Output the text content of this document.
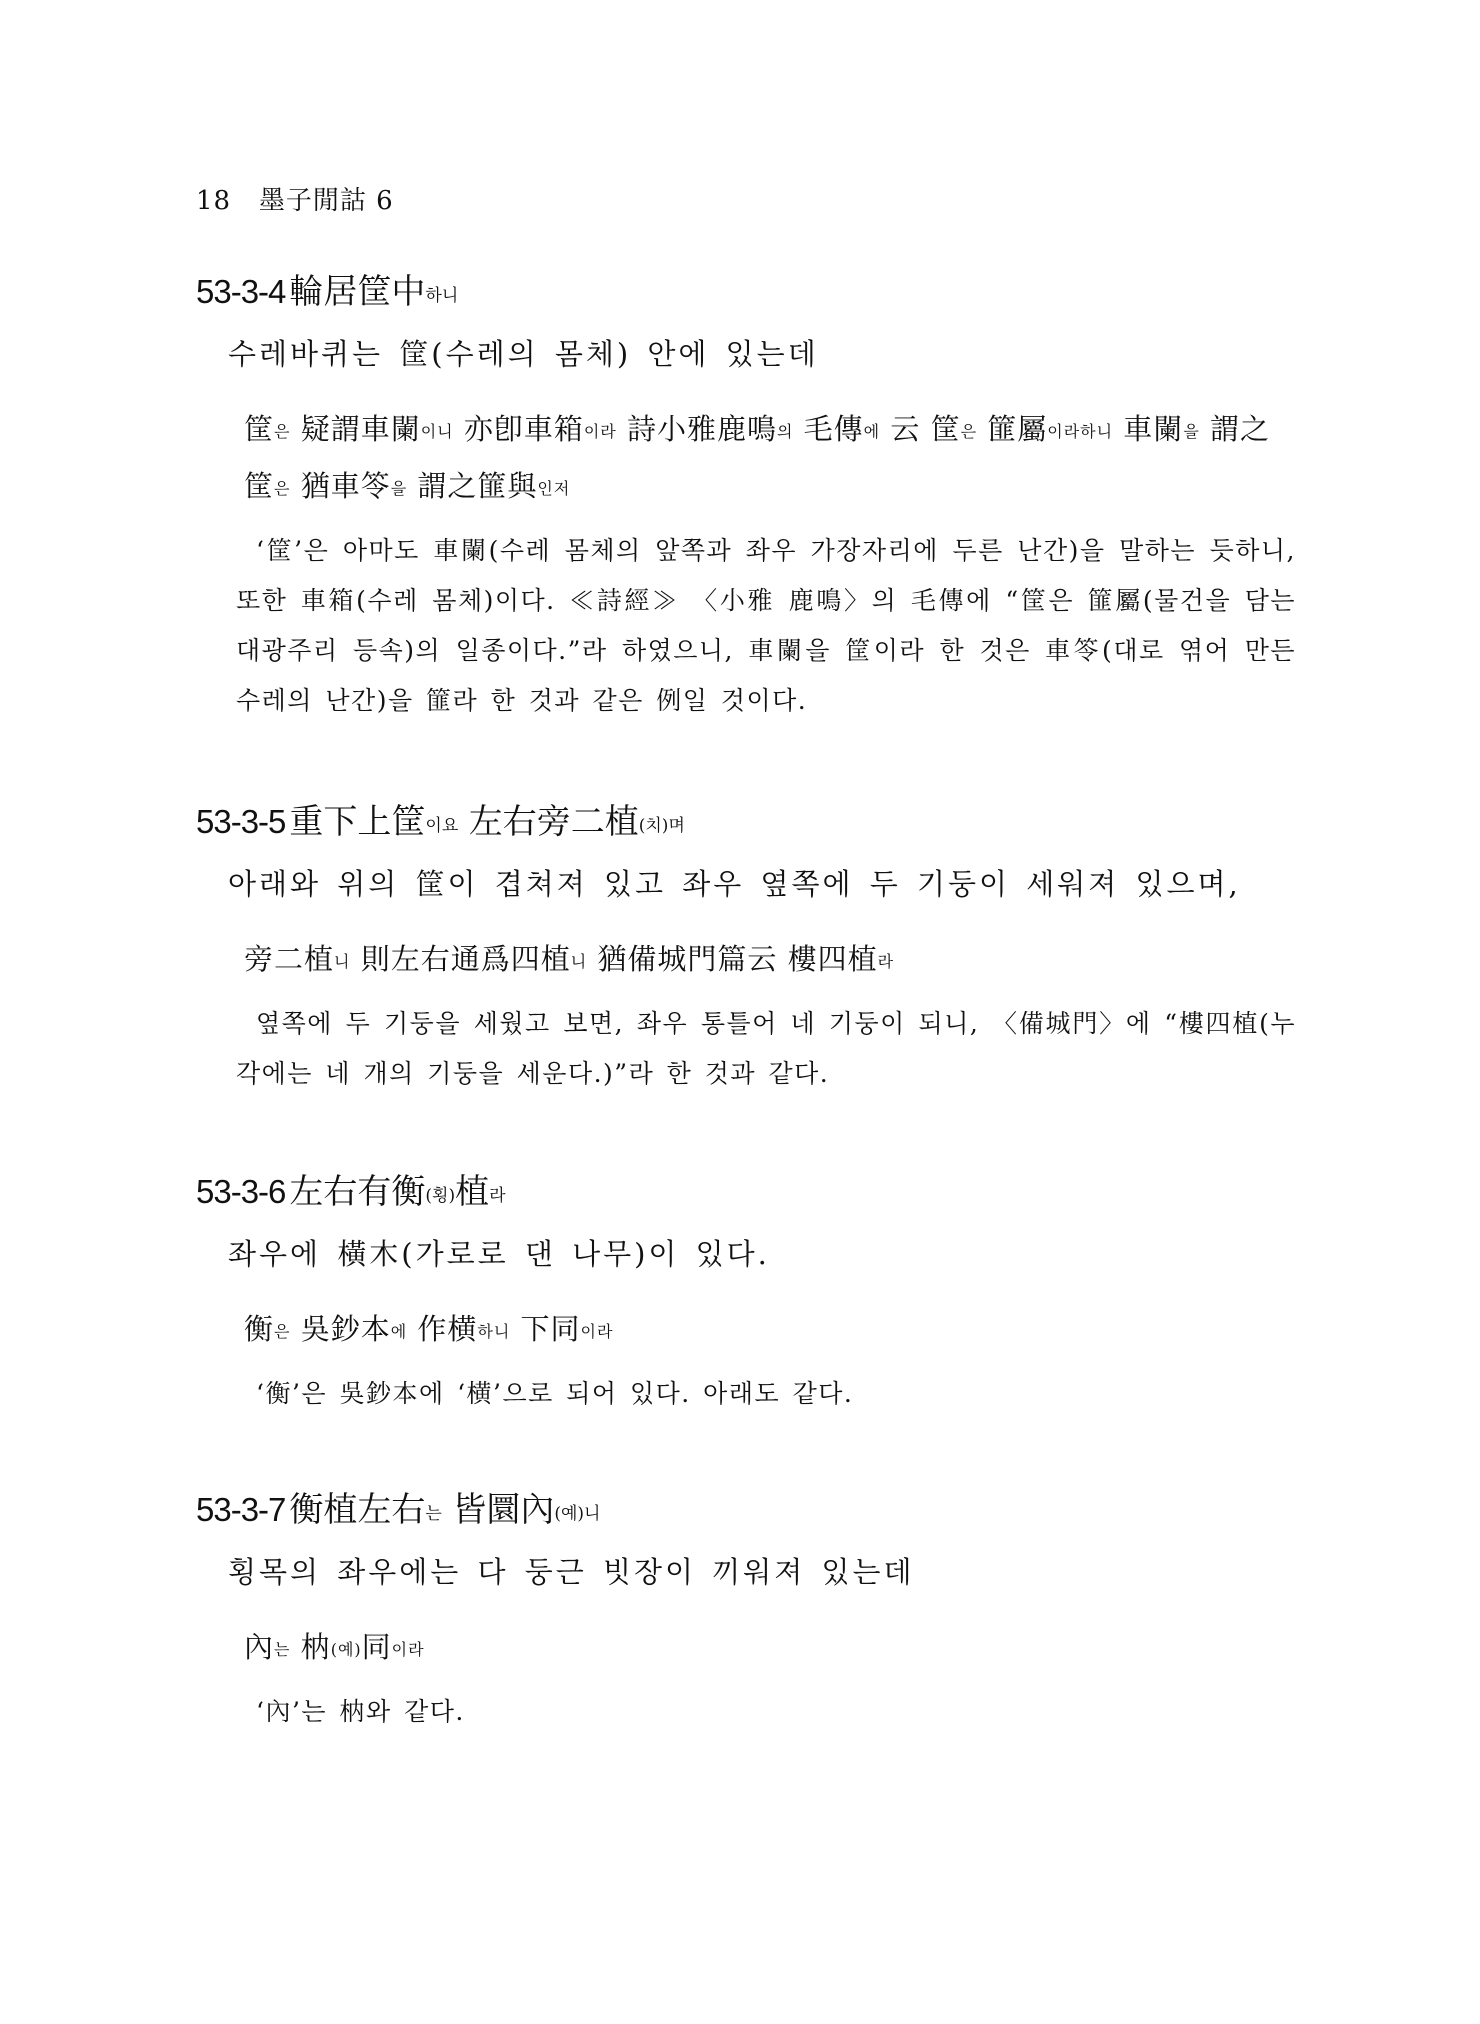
18 墨子閒詁 6

53-3-4 輪居筐中하니

수레바퀴는 筐(수레의 몸체) 안에 있는데

筐은 疑謂車闌이니 亦卽車箱이라 詩小雅鹿鳴의 毛傳에 云 筐은 篚屬이라하니 車闌을 謂之筐은 猶車笭을 謂之篚與인저

‘筐’은 아마도 車闌(수레 몸체의 앞쪽과 좌우 가장자리에 두른 난간)을 말하는 듯하니, 또한 車箱(수레 몸체)이다. ≪詩經≫ 〈小雅 鹿鳴〉의 毛傳에 “筐은 篚屬(물건을 담는 대광주리 등속)의 일종이다.”라 하였으니, 車闌을 筐이라 한 것은 車笭(대로 엮어 만든 수레의 난간)을 篚라 한 것과 같은 例일 것이다.

53-3-5 重下上筐이요 左右旁二植(치)며

아래와 위의 筐이 겹쳐져 있고 좌우 옆쪽에 두 기둥이 세워져 있으며,

旁二植니 則左右通爲四植니 猶備城門篇云 樓四植라

옆쪽에 두 기둥을 세웠고 보면, 좌우 통틀어 네 기둥이 되니, 〈備城門〉에 “樓四植(누각에는 네 개의 기둥을 세운다.)”라 한 것과 같다.

53-3-6 左右有衡(횡)植라

좌우에 橫木(가로로 댄 나무)이 있다.

衡은 吳鈔本에 作横하니 下同이라

‘衡’은 吳鈔本에 ‘横’으로 되어 있다. 아래도 같다.

53-3-7 衡植左右는 皆圜內(예)니

횡목의 좌우에는 다 둥근 빗장이 끼워져 있는데

內는 枘(예)同이라

‘內’는 枘와 같다.
